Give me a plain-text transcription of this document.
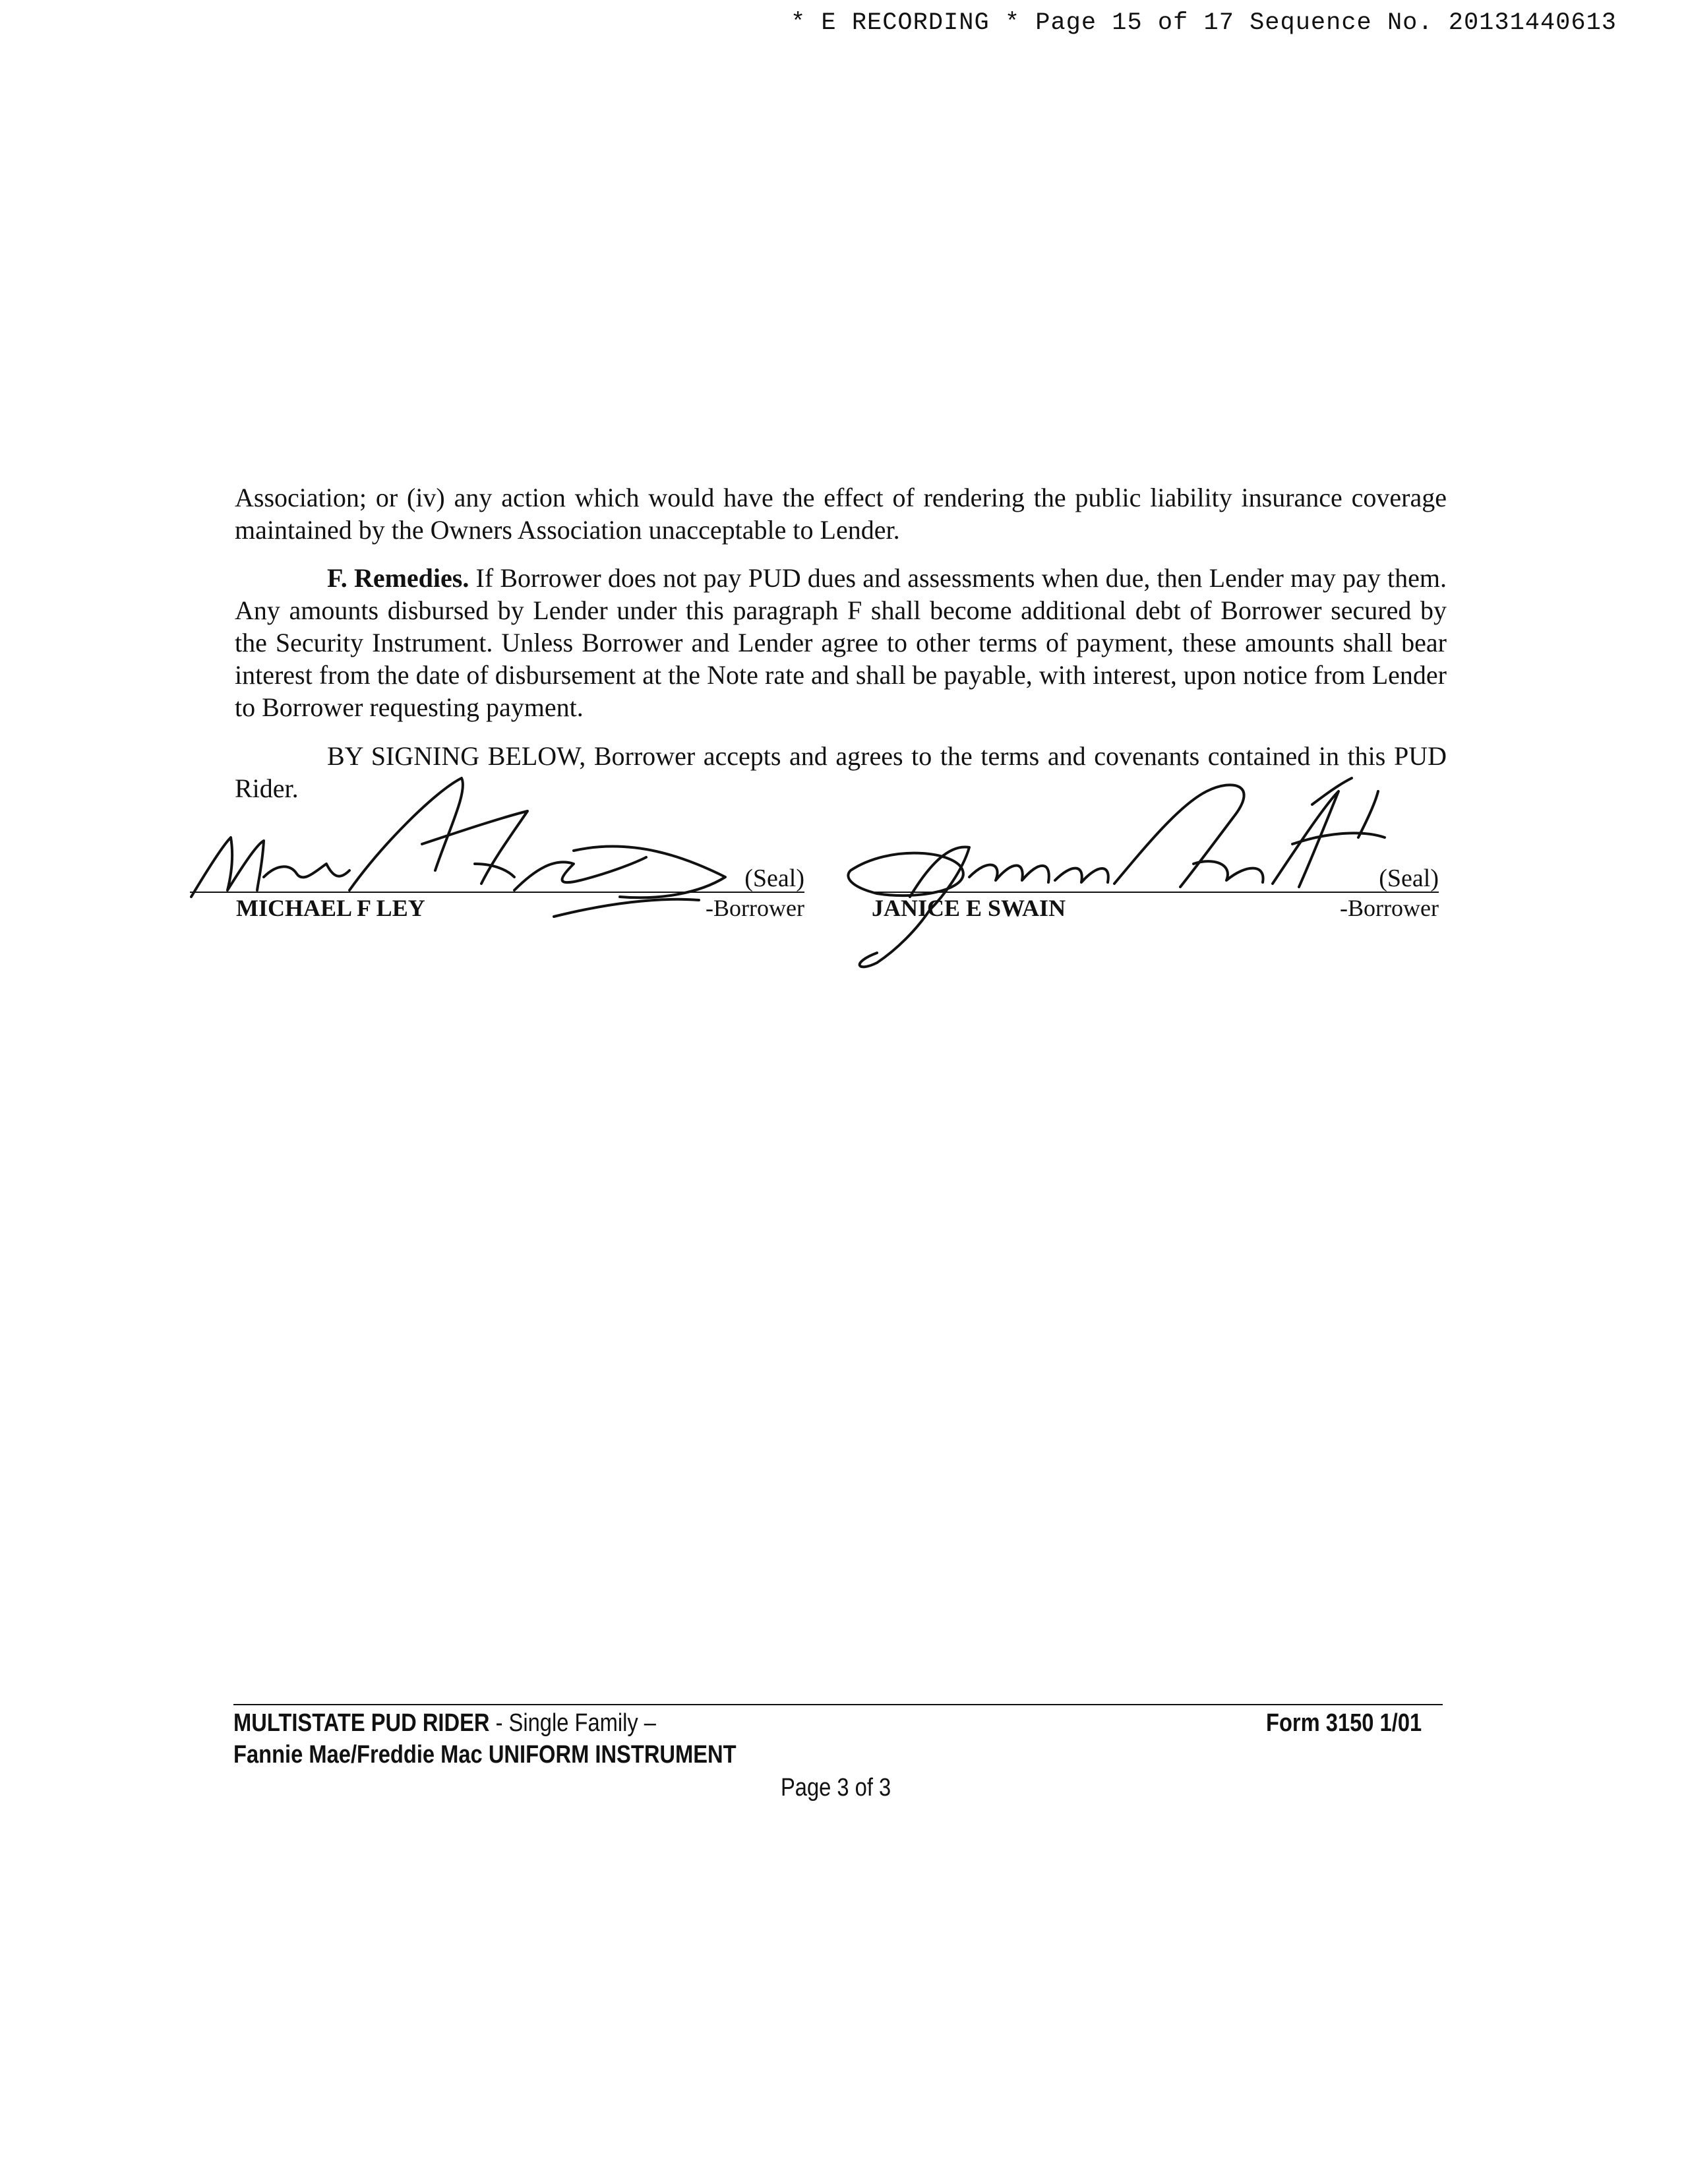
* E RECORDING * Page 15 of 17 Sequence No. 20131440613
Association; or (iv) any action which would have the effect of rendering the public liability insurance coverage maintained by the Owners Association unacceptable to Lender.
F. Remedies. If Borrower does not pay PUD dues and assessments when due, then Lender may pay them. Any amounts disbursed by Lender under this paragraph F shall become additional debt of Borrower secured by the Security Instrument. Unless Borrower and Lender agree to other terms of payment, these amounts shall bear interest from the date of disbursement at the Note rate and shall be payable, with interest, upon notice from Lender to Borrower requesting payment.
BY SIGNING BELOW, Borrower accepts and agrees to the terms and covenants contained in this PUD Rider.
(Seal)
MICHAEL F LEY	-Borrower
(Seal)
JANICE E SWAIN	-Borrower
MULTISTATE PUD RIDER - Single Family –
Fannie Mae/Freddie Mac UNIFORM INSTRUMENT
Form 3150 1/01
Page 3 of 3
